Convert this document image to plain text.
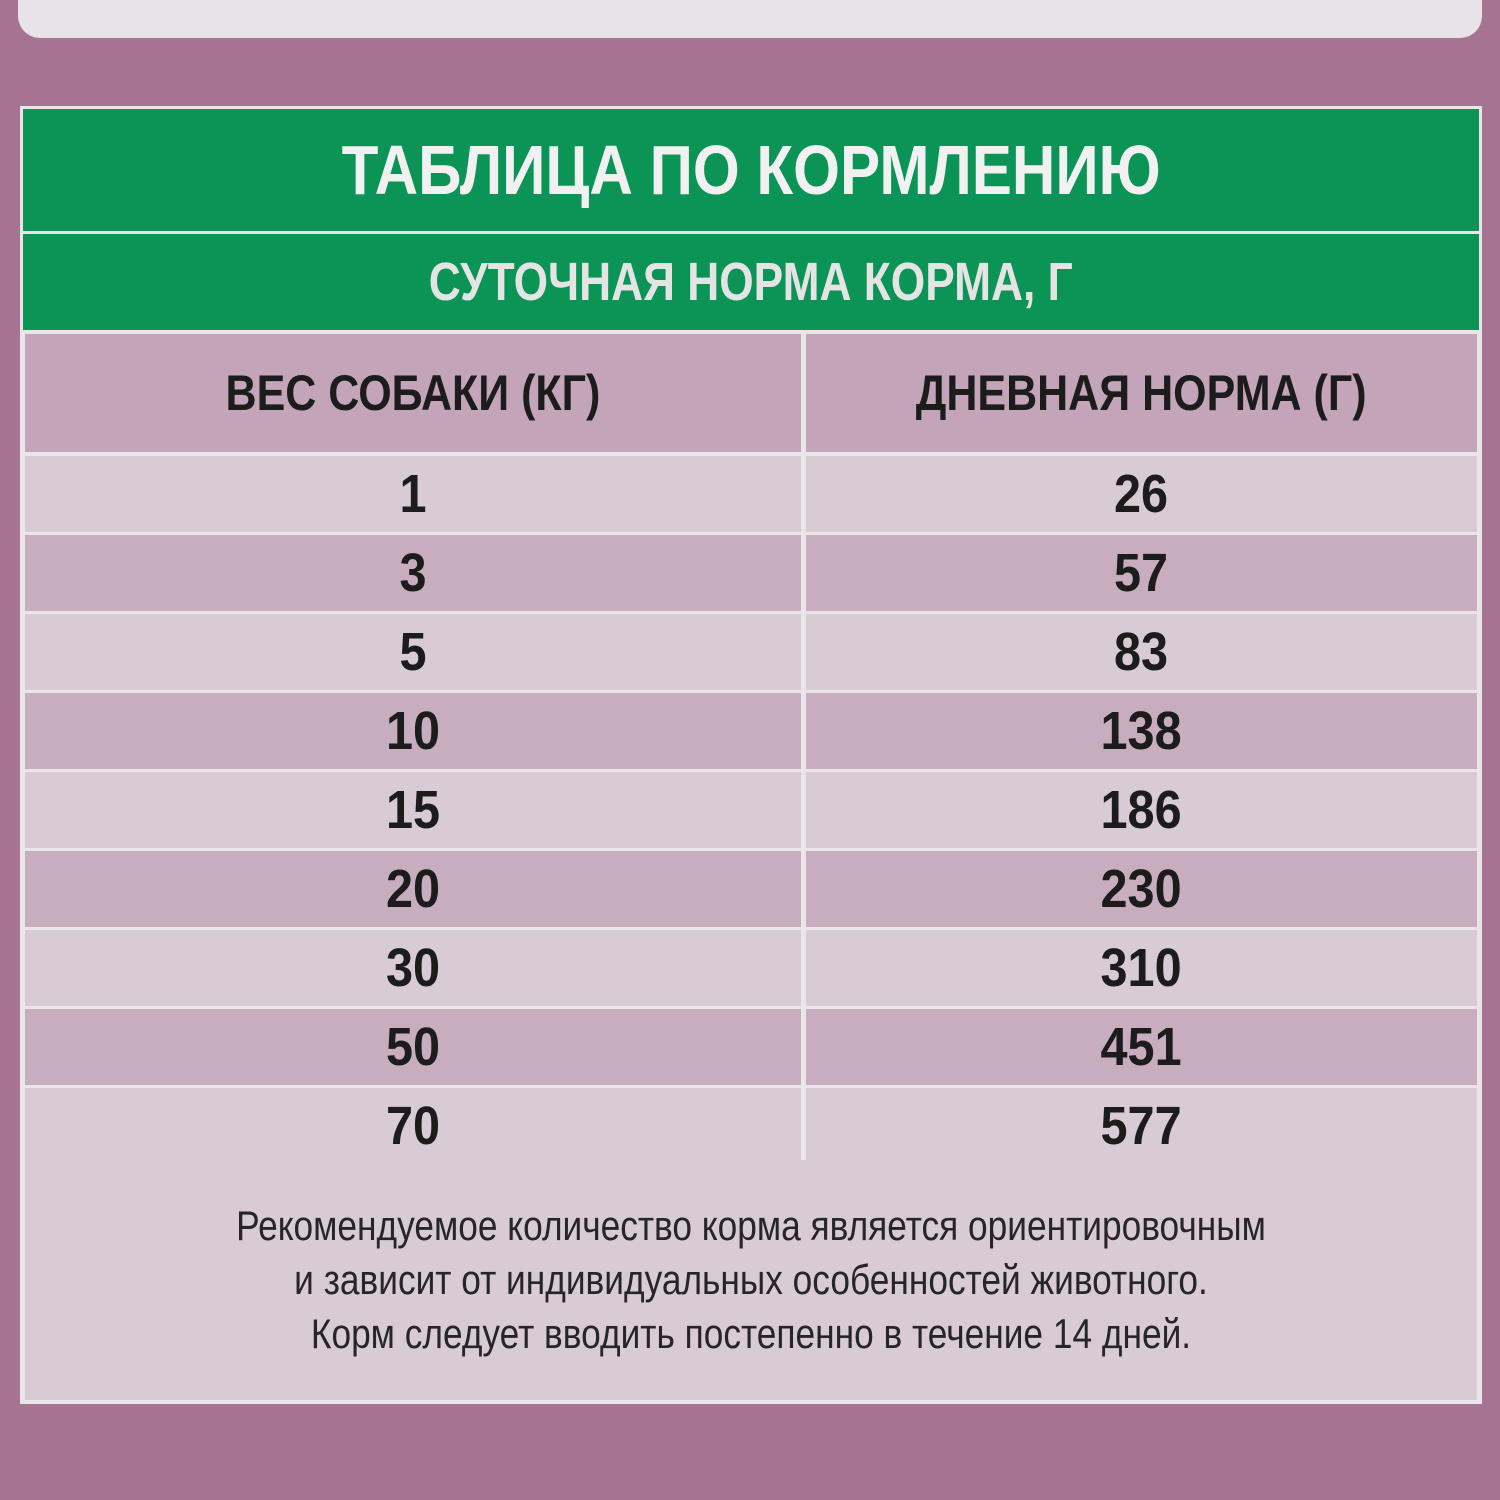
ТАБЛИЦА ПО КОРМЛЕНИЮ
СУТОЧНАЯ НОРМА КОРМА, Г
ВЕС СОБАКИ (КГ)	ДНЕВНАЯ НОРМА (Г)
1	26
3	57
5	83
10	138
15	186
20	230
30	310
50	451
70	577
Рекомендуемое количество корма является ориентировочным
и зависит от индивидуальных особенностей животного.
Корм следует вводить постепенно в течение 14 дней.
